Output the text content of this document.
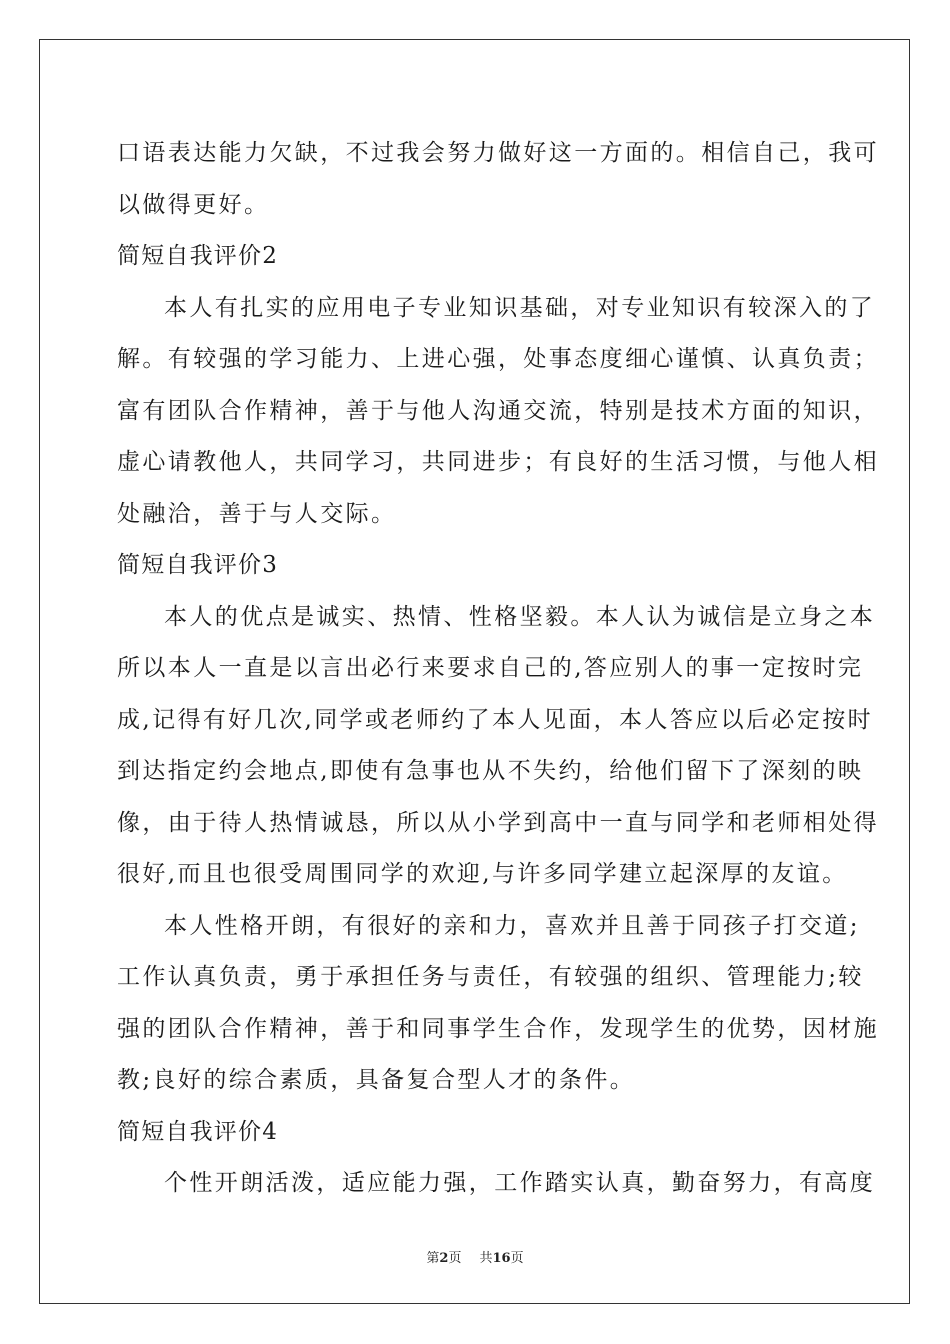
口语表达能力欠缺，不过我会努力做好这一方面的。相信自己，我可
以做得更好。
简短自我评价2
本人有扎实的应用电子专业知识基础，对专业知识有较深入的了
解。有较强的学习能力、上进心强，处事态度细心谨慎、认真负责；
富有团队合作精神，善于与他人沟通交流，特别是技术方面的知识，
虚心请教他人，共同学习，共同进步；有良好的生活习惯，与他人相
处融洽，善于与人交际。
简短自我评价3
本人的优点是诚实、热情、性格坚毅。本人认为诚信是立身之本
所以本人一直是以言出必行来要求自己的,答应别人的事一定按时完
成,记得有好几次,同学或老师约了本人见面，本人答应以后必定按时
到达指定约会地点,即使有急事也从不失约，给他们留下了深刻的映
像，由于待人热情诚恳，所以从小学到高中一直与同学和老师相处得
很好,而且也很受周围同学的欢迎,与许多同学建立起深厚的友谊。
本人性格开朗，有很好的亲和力，喜欢并且善于同孩子打交道;
工作认真负责，勇于承担任务与责任，有较强的组织、管理能力;较
强的团队合作精神，善于和同事学生合作，发现学生的优势，因材施
教;良好的综合素质，具备复合型人才的条件。
简短自我评价4
个性开朗活泼，适应能力强，工作踏实认真，勤奋努力，有高度
第2页 共16页
